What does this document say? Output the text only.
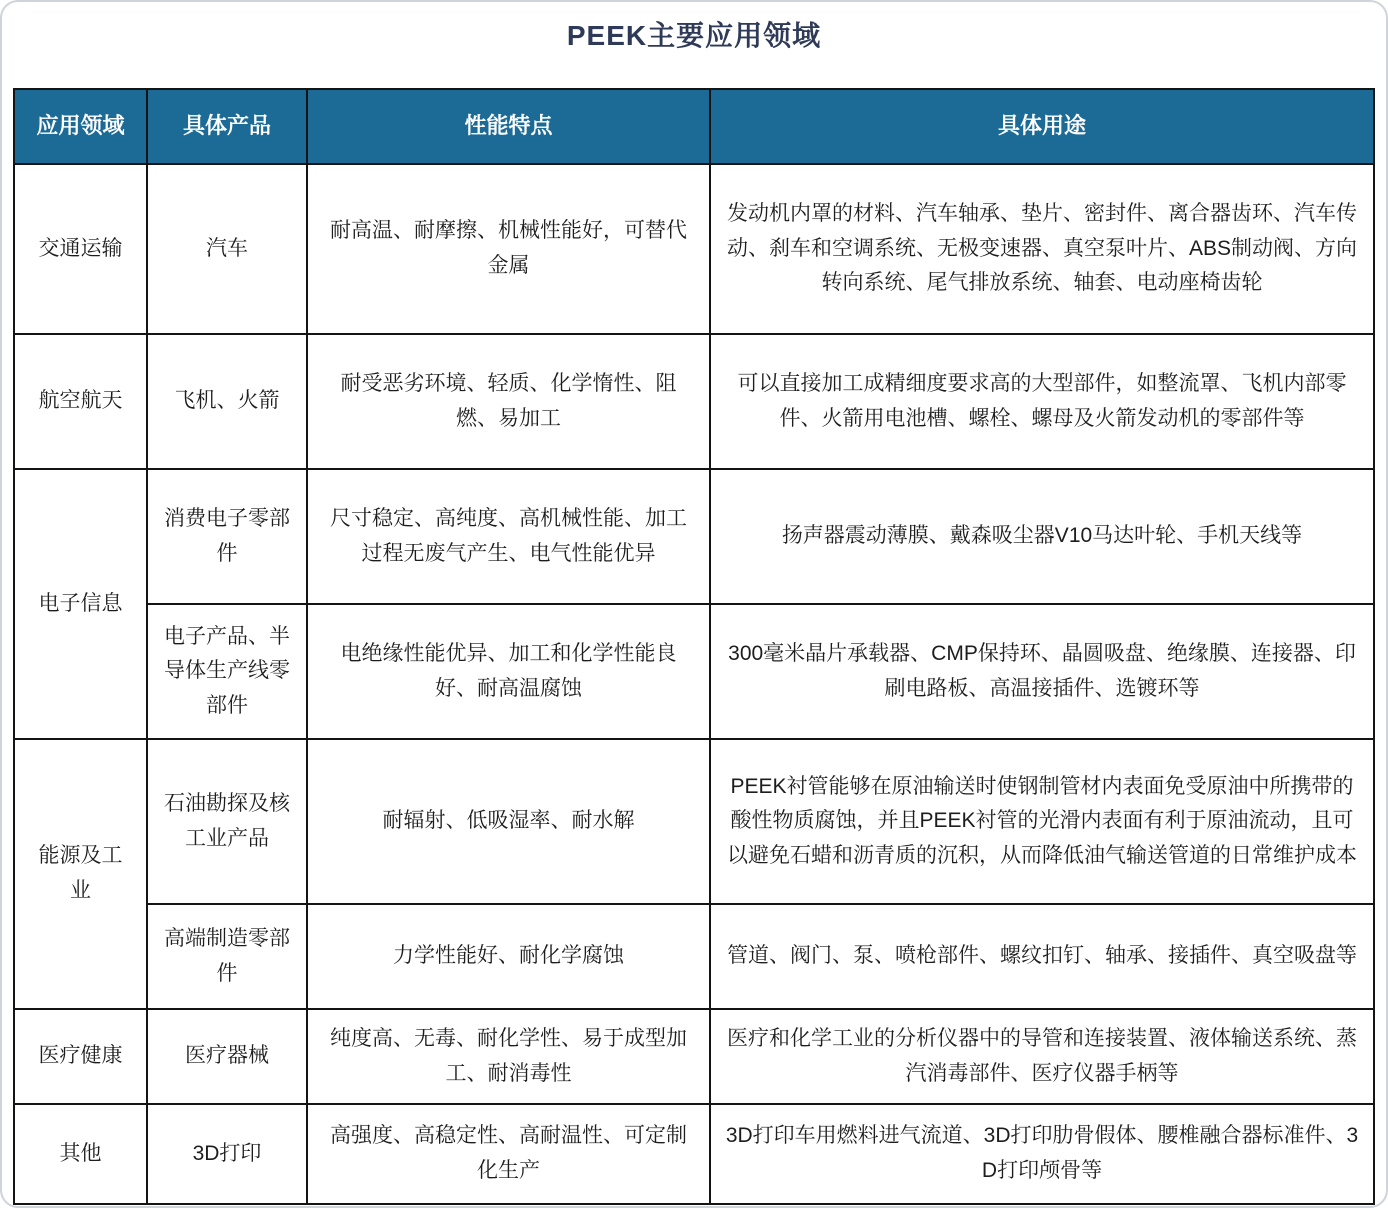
PEEK主要应用领域
应用领域	具体产品	性能特点	具体用途
交通运输	汽车	耐高温、耐摩擦、机械性能好，可替代金属	发动机内罩的材料、汽车轴承、垫片、密封件、离合器齿环、汽车传动、刹车和空调系统、无极变速器、真空泵叶片、ABS制动阀、方向转向系统、尾气排放系统、轴套、电动座椅齿轮
航空航天	飞机、火箭	耐受恶劣环境、轻质、化学惰性、阻燃、易加工	可以直接加工成精细度要求高的大型部件，如整流罩、飞机内部零件、火箭用电池槽、螺栓、螺母及火箭发动机的零部件等
电子信息	消费电子零部件	尺寸稳定、高纯度、高机械性能、加工过程无废气产生、电气性能优异	扬声器震动薄膜、戴森吸尘器V10马达叶轮、手机天线等
	电子产品、半导体生产线零部件	电绝缘性能优异、加工和化学性能良好、耐高温腐蚀	300毫米晶片承载器、CMP保持环、晶圆吸盘、绝缘膜、连接器、印刷电路板、高温接插件、选镀环等
能源及工业	石油勘探及核工业产品	耐辐射、低吸湿率、耐水解	PEEK衬管能够在原油输送时使钢制管材内表面免受原油中所携带的酸性物质腐蚀，并且PEEK衬管的光滑内表面有利于原油流动，且可以避免石蜡和沥青质的沉积，从而降低油气输送管道的日常维护成本
	高端制造零部件	力学性能好、耐化学腐蚀	管道、阀门、泵、喷枪部件、螺纹扣钉、轴承、接插件、真空吸盘等
医疗健康	医疗器械	纯度高、无毒、耐化学性、易于成型加工、耐消毒性	医疗和化学工业的分析仪器中的导管和连接装置、液体输送系统、蒸汽消毒部件、医疗仪器手柄等
其他	3D打印	高强度、高稳定性、高耐温性、可定制化生产	3D打印车用燃料进气流道、3D打印肋骨假体、腰椎融合器标准件、3D打印颅骨等
